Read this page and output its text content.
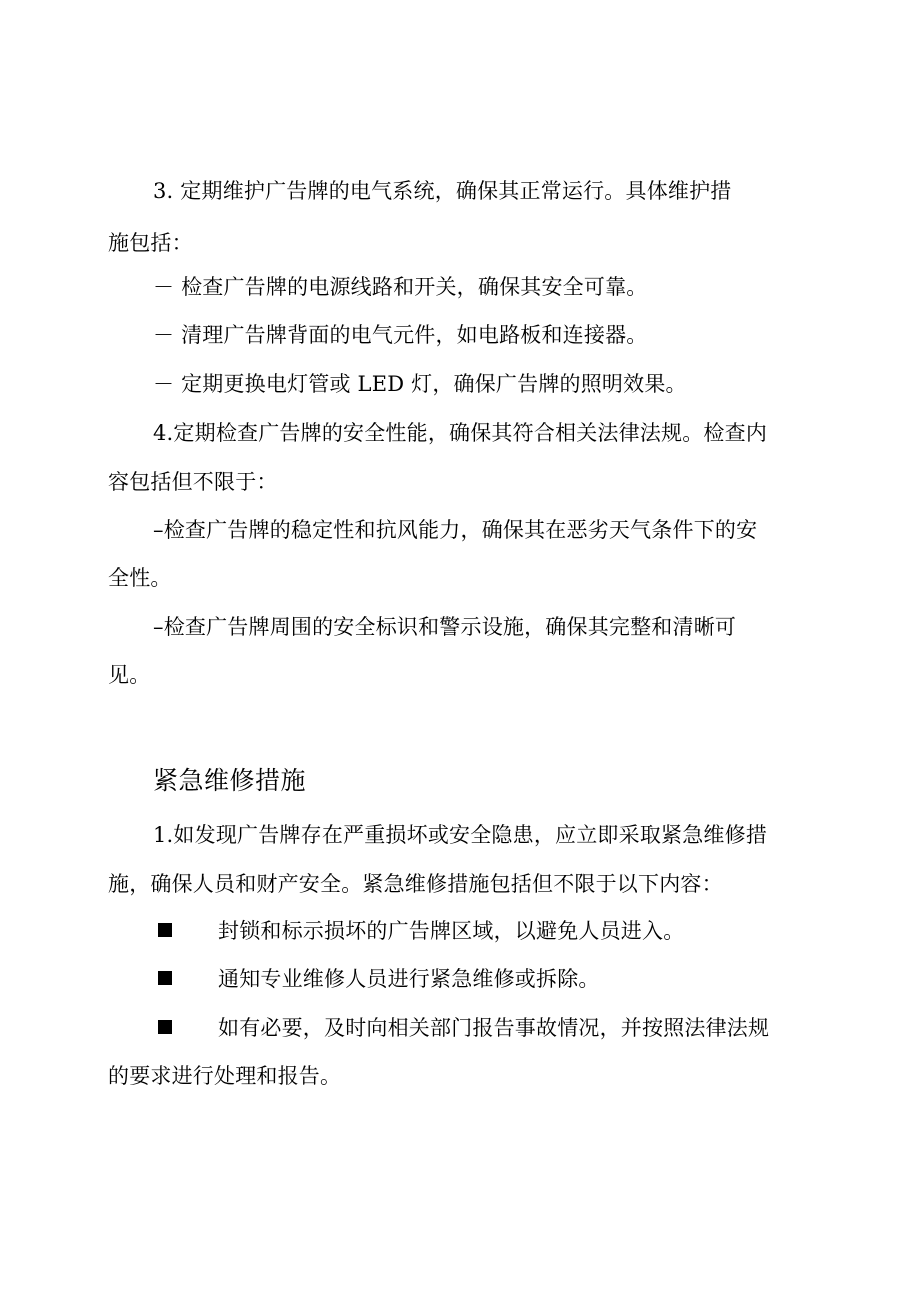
3. 定期维护广告牌的电气系统，确保其正常运行。具体维护措
施包括：
－ 检查广告牌的电源线路和开关，确保其安全可靠。
－ 清理广告牌背面的电气元件，如电路板和连接器。
－ 定期更换电灯管或 LED 灯，确保广告牌的照明效果。
4.定期检查广告牌的安全性能，确保其符合相关法律法规。检查内
容包括但不限于：
–检查广告牌的稳定性和抗风能力，确保其在恶劣天气条件下的安
全性。
–检查广告牌周围的安全标识和警示设施，确保其完整和清晰可
见。
紧急维修措施
1.如发现广告牌存在严重损坏或安全隐患，应立即采取紧急维修措
施，确保人员和财产安全。紧急维修措施包括但不限于以下内容：
封锁和标示损坏的广告牌区域，以避免人员进入。
通知专业维修人员进行紧急维修或拆除。
如有必要，及时向相关部门报告事故情况，并按照法律法规
的要求进行处理和报告。
